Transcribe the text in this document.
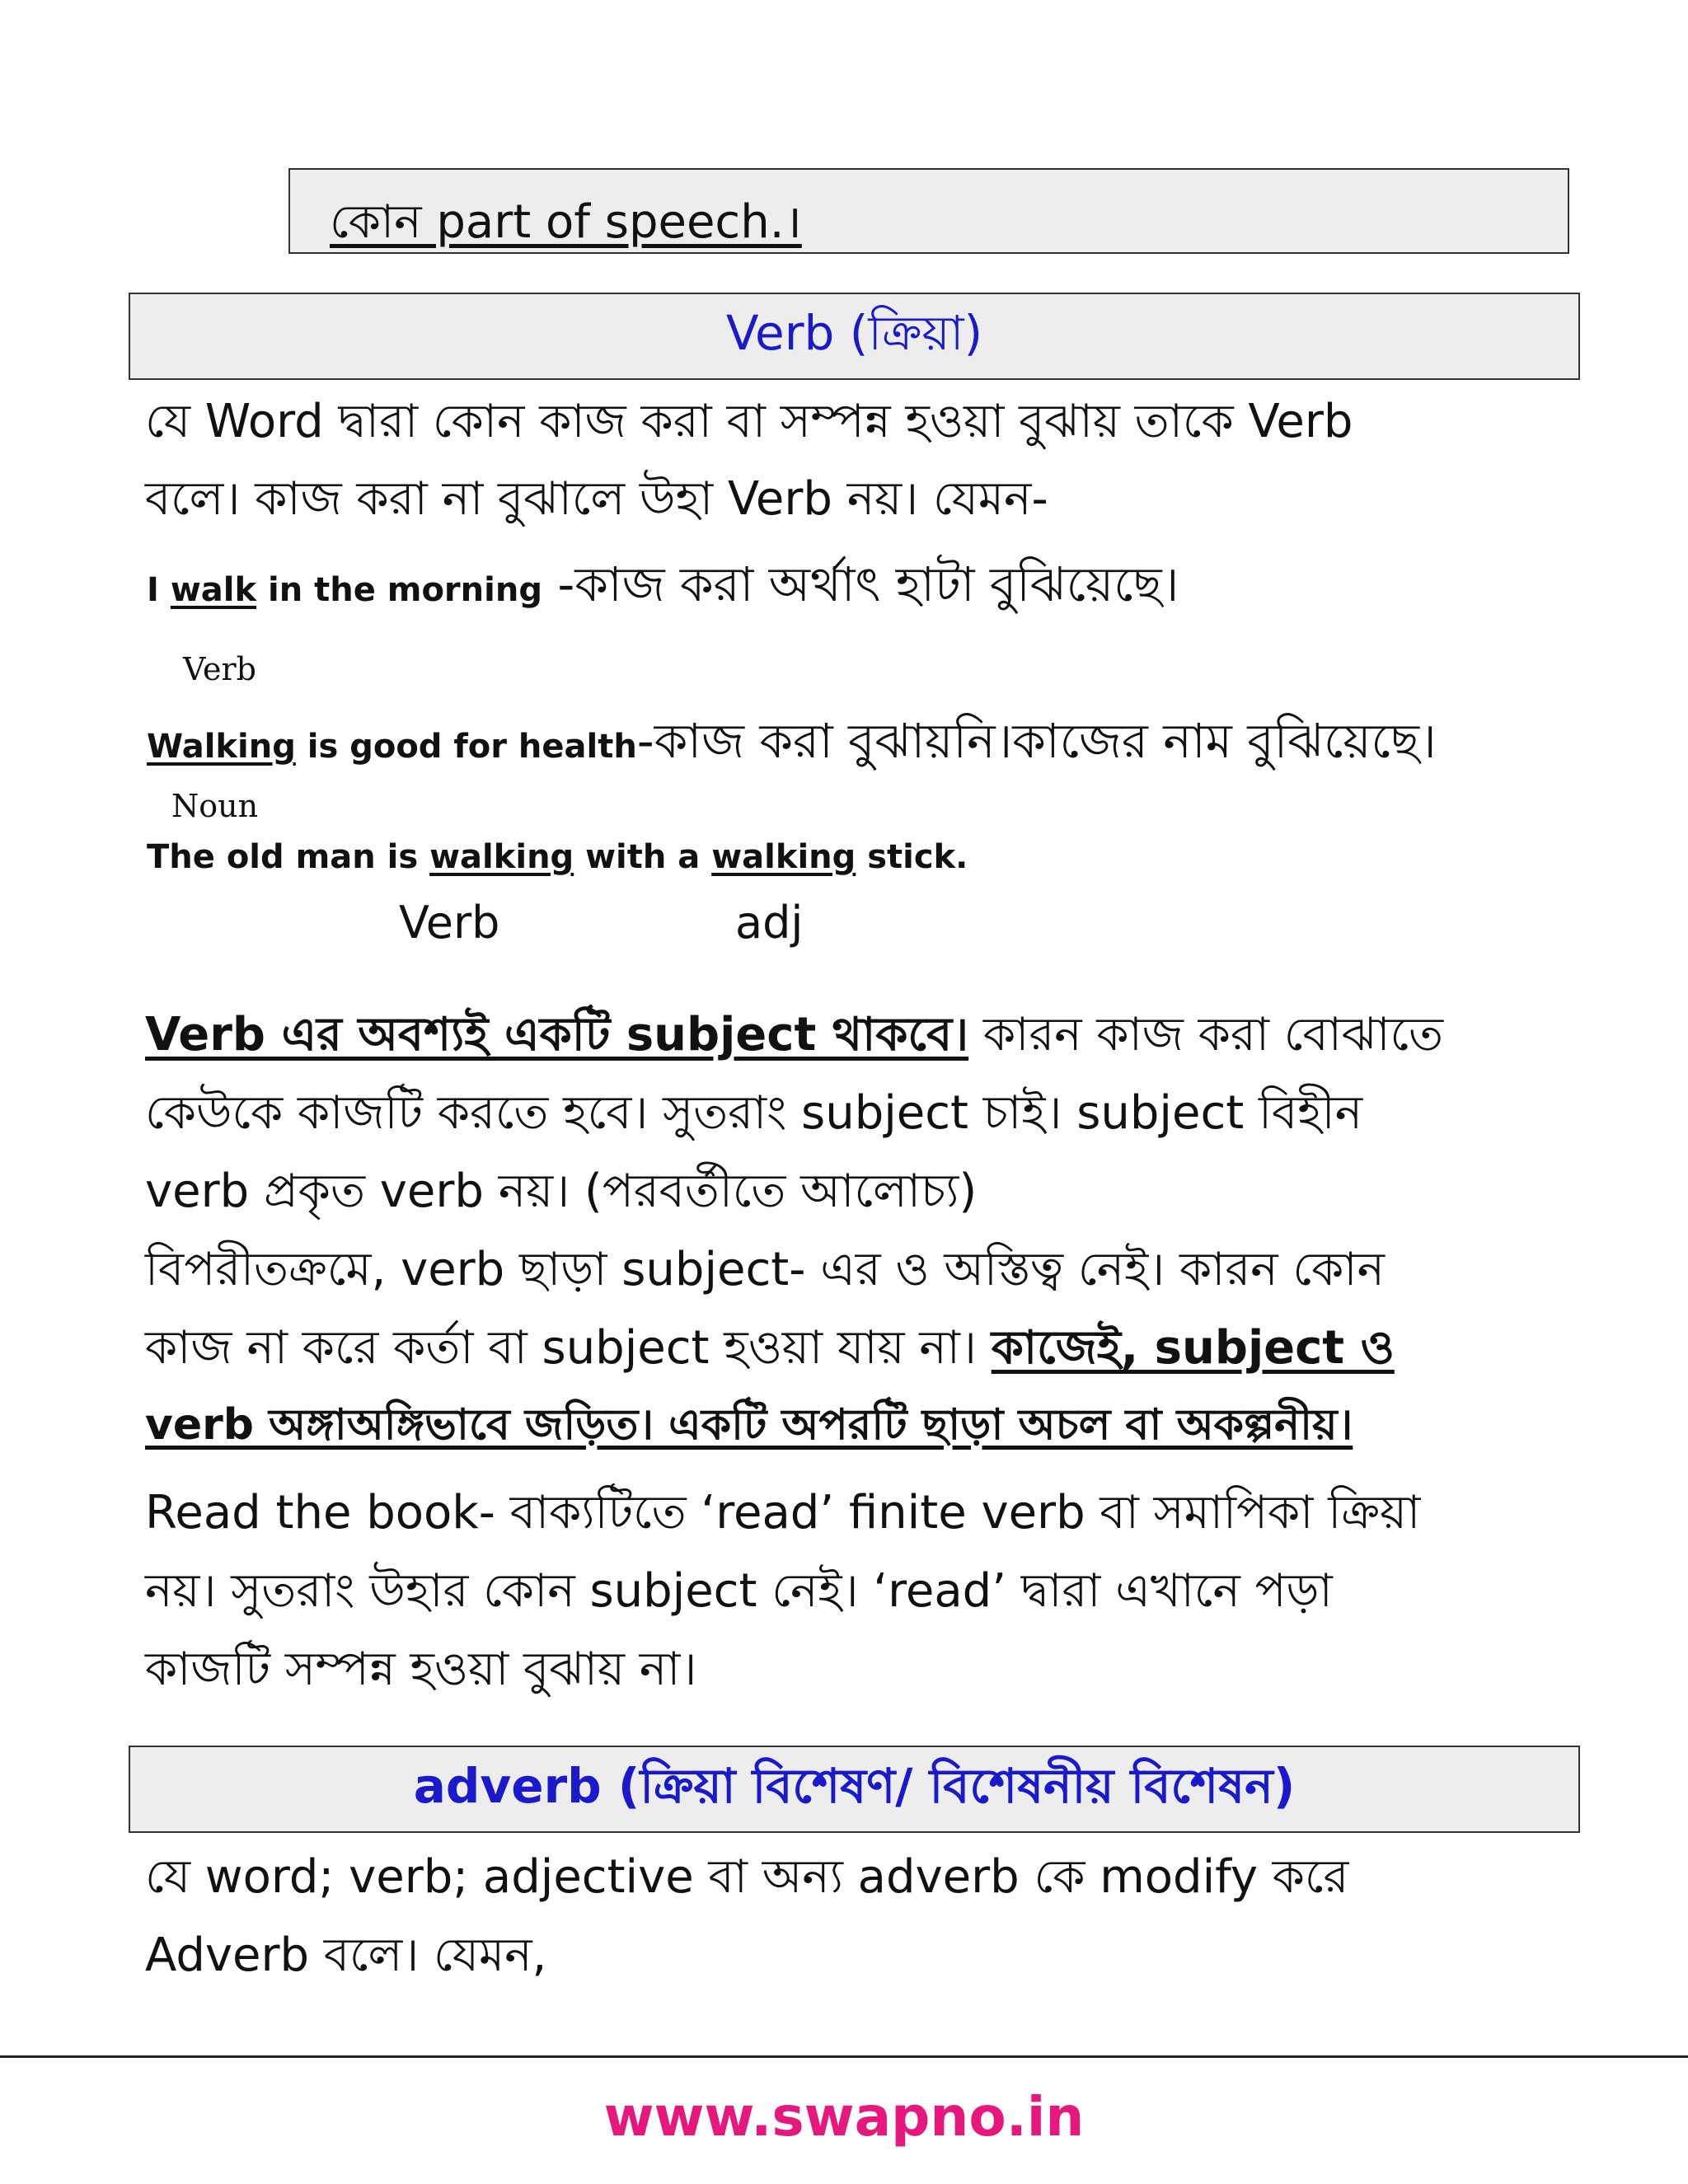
কোন part of speech.।
Verb (ক্রিয়া)
যে Word দ্বারা কোন কাজ করা বা সম্পন্ন হওয়া বুঝায় তাকে Verb
বলে। কাজ করা না বুঝালে উহা Verb নয়। যেমন-
I walk in the morning -কাজ করা অর্থাৎ হাটা বুঝিয়েছে।
Verb
Walking is good for health-কাজ করা বুঝায়নি।কাজের নাম বুঝিয়েছে।
Noun
The old man is walking with a walking stick.
Verb	adj
Verb এর অবশ্যই একটি subject থাকবে। কারন কাজ করা বোঝাতে
কেউকে কাজটি করতে হবে। সুতরাং subject চাই। subject বিহীন
verb প্রকৃত verb নয়। (পরবর্তীতে আলোচ্য)
বিপরীতক্রমে, verb ছাড়া subject- এর ও অস্তিত্ব নেই। কারন কোন
কাজ না করে কর্তা বা subject হওয়া যায় না। কাজেই, subject ও
verb অঙ্গাঅঙ্গিভাবে জড়িত। একটি অপরটি ছাড়া অচল বা অকল্পনীয়।
Read the book- বাক্যটিতে ‘read’ finite verb বা সমাপিকা ক্রিয়া
নয়। সুতরাং উহার কোন subject নেই। ‘read’ দ্বারা এখানে পড়া
কাজটি সম্পন্ন হওয়া বুঝায় না।
adverb (ক্রিয়া বিশেষণ/ বিশেষনীয় বিশেষন)
যে word; verb; adjective বা অন্য adverb কে modify করে
Adverb বলে। যেমন,
www.swapno.in
